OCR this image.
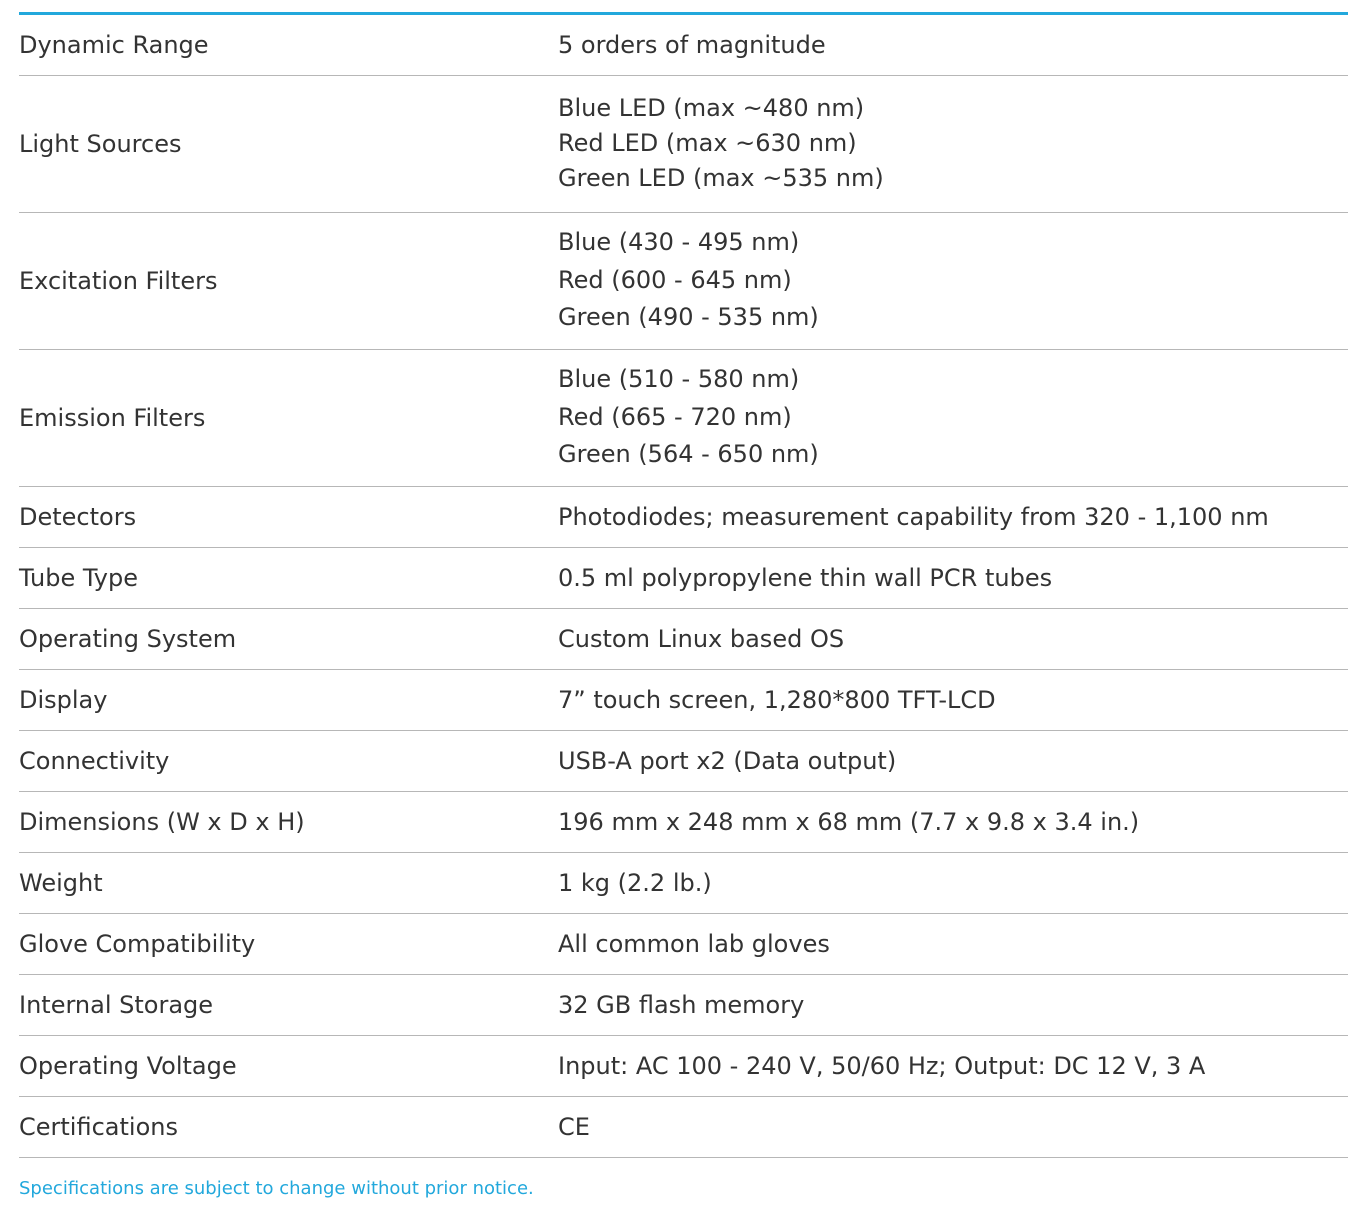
Dynamic Range	5 orders of magnitude

Light Sources	Blue LED (max ~480 nm)
Red LED (max ~630 nm)
Green LED (max ~535 nm)

Excitation Filters	Blue (430 - 495 nm)
Red (600 - 645 nm)
Green (490 - 535 nm)

Emission Filters	Blue (510 - 580 nm)
Red (665 - 720 nm)
Green (564 - 650 nm)

Detectors	Photodiodes; measurement capability from 320 - 1,100 nm

Tube Type	0.5 ml polypropylene thin wall PCR tubes

Operating System	Custom Linux based OS

Display	7” touch screen, 1,280*800 TFT-LCD

Connectivity	USB-A port x2 (Data output)

Dimensions (W x D x H)	196 mm x 248 mm x 68 mm (7.7 x 9.8 x 3.4 in.)

Weight	1 kg (2.2 lb.)

Glove Compatibility	All common lab gloves

Internal Storage	32 GB flash memory

Operating Voltage	Input: AC 100 - 240 V, 50/60 Hz; Output: DC 12 V, 3 A

Certifications	CE
Specifications are subject to change without prior notice.
